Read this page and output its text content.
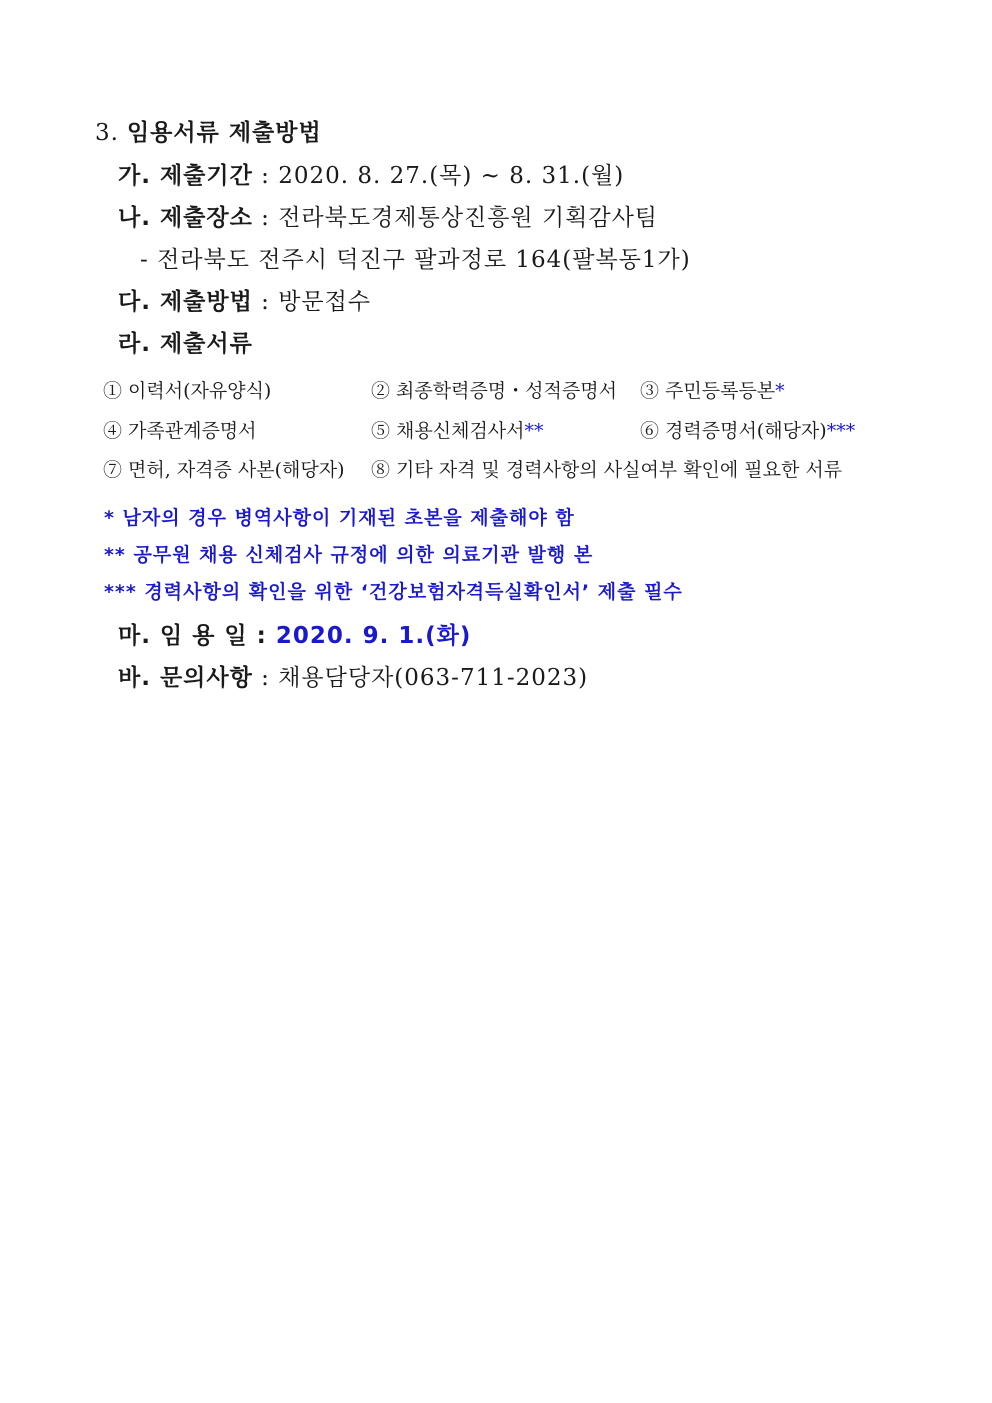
3. 임용서류 제출방법
가. 제출기간 : 2020. 8. 27.(목) ~ 8. 31.(월)
나. 제출장소 : 전라북도경제통상진흥원 기획감사팀
- 전라북도 전주시 덕진구 팔과정로 164(팔복동1가)
다. 제출방법 : 방문접수
라. 제출서류
① 이력서(자유양식)	② 최종학력증명・성적증명서 ③ 주민등록등본*
④ 가족관계증명서	⑤ 채용신체검사서**	⑥ 경력증명서(해당자)***
⑦ 면허, 자격증 사본(해당자) ⑧ 기타 자격 및 경력사항의 사실여부 확인에 필요한 서류
* 남자의 경우 병역사항이 기재된 초본을 제출해야 함
** 공무원 채용 신체검사 규정에 의한 의료기관 발행 본
*** 경력사항의 확인을 위한 ‘건강보험자격득실확인서’ 제출 필수
마. 임 용 일 : 2020. 9. 1.(화)
바. 문의사항 : 채용담당자(063-711-2023)
